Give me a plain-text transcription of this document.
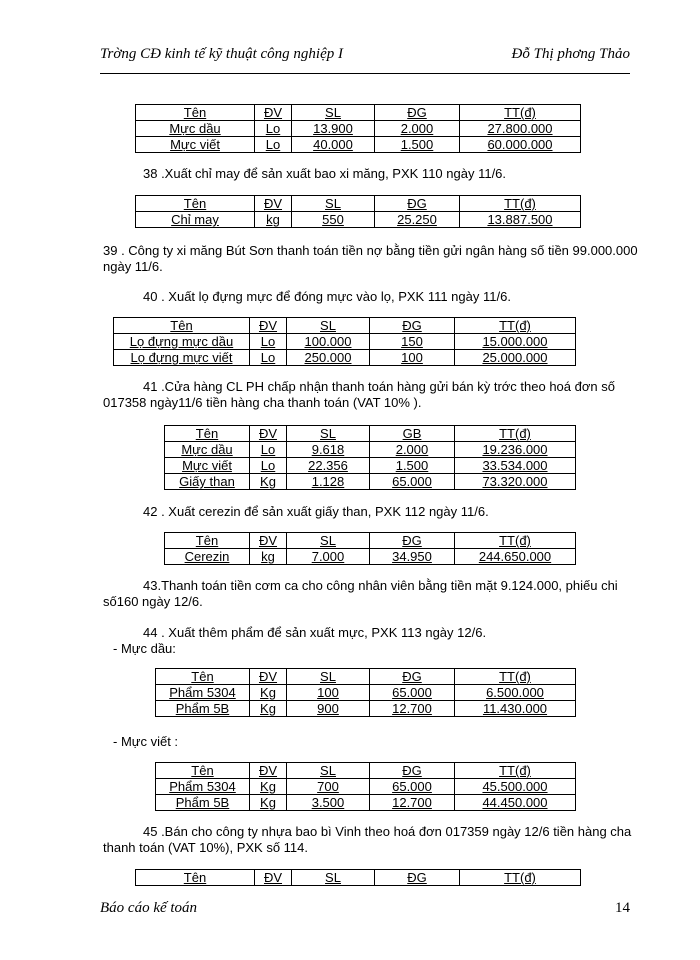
Trờng CĐ kinh tế kỹ thuật công nghiệp I	Đỗ Thị phơng Thảo
Tên	ĐV	SL	ĐG	TT(đ)
Mực dầu	Lo	13.900	2.000	27.800.000
Mực viết	Lo	40.000	1.500	60.000.000

38 .Xuất chỉ may để sản xuất bao xi măng, PXK 110 ngày 11/6.

Tên	ĐV	SL	ĐG	TT(đ)
Chỉ may	kg	550	25.250	13.887.500

39 . Công ty xi măng Bút Sơn thanh toán tiền nợ bằng tiền gửi ngân hàng số tiền 99.000.000 ngày 11/6.

40 . Xuất lọ đựng mực để đóng mực vào lọ, PXK 111 ngày 11/6.

Tên	ĐV	SL	ĐG	TT(đ)
Lọ đựng mực dầu	Lo	100.000	150	15.000.000
Lọ đựng mực viết	Lo	250.000	100	25.000.000

41 .Cửa hàng CL PH chấp nhận thanh toán hàng gửi bán kỳ trớc theo hoá đơn số 017358 ngày11/6 tiền hàng cha thanh toán (VAT 10% ).

Tên	ĐV	SL	GB	TT(đ)
Mực dầu	Lo	9.618	2.000	19.236.000
Mực viết	Lo	22.356	1.500	33.534.000
Giấy than	Kg	1.128	65.000	73.320.000

42 . Xuất cerezin để sản xuất giấy than, PXK 112 ngày 11/6.

Tên	ĐV	SL	ĐG	TT(đ)
Cerezin	kg	7.000	34.950	244.650.000

43.Thanh toán tiền cơm ca cho công nhân viên bằng tiền mặt 9.124.000, phiếu chi số160 ngày 12/6.

44 . Xuất thêm phẩm để sản xuất mực, PXK 113 ngày 12/6.

- Mực dầu:
Tên	ĐV	SL	ĐG	TT(đ)
Phẩm 5304	Kg	100	65.000	6.500.000
Phẩm 5B	Kg	900	12.700	11.430.000
- Mực viết :
Tên	ĐV	SL	ĐG	TT(đ)
Phẩm 5304	Kg	700	65.000	45.500.000
Phẩm 5B	Kg	3.500	12.700	44.450.000

45 .Bán cho công ty nhựa bao bì Vinh theo hoá đơn 017359 ngày 12/6 tiền hàng cha thanh toán (VAT 10%), PXK số 114.

Tên	ĐV	SL	ĐG	TT(đ)
Báo cáo kế toán	14
